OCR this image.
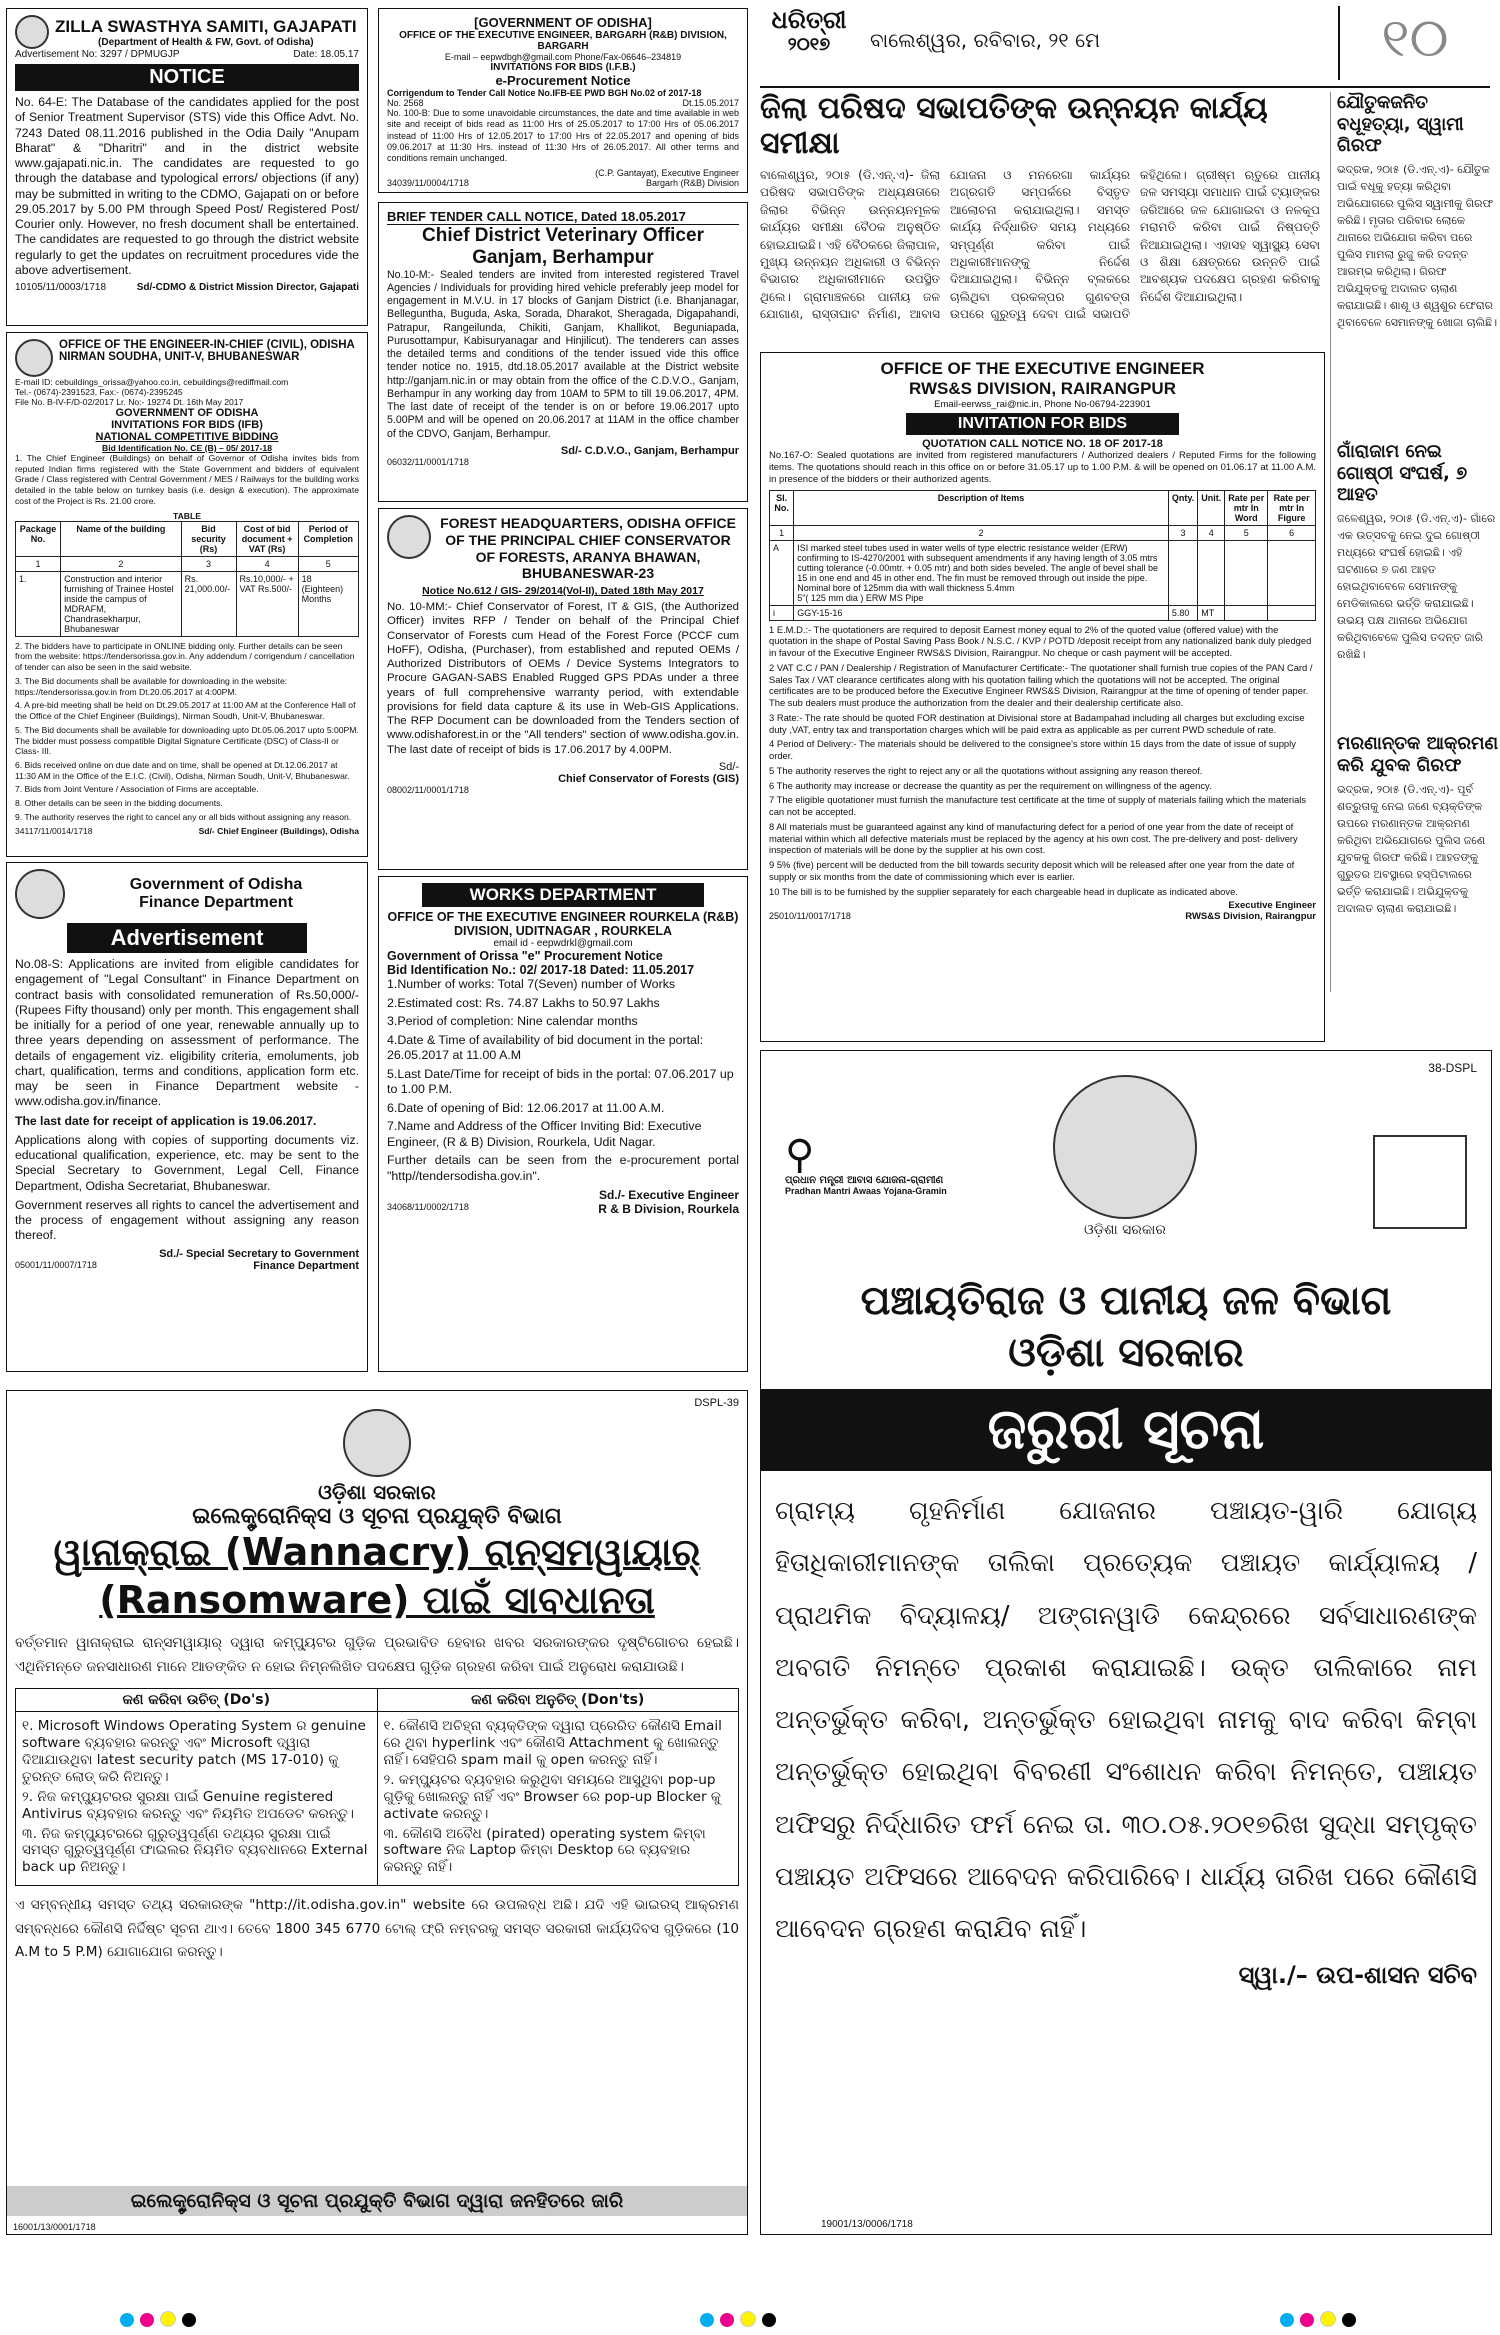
ଧରିତ୍ରୀ
୨୦୧୭	ବାଲେଶ୍ୱର, ରବିବାର, ୨୧ ମେ	୧୦
ZILLA SWASTHYA SAMITI, GAJAPATI
(Department of Health & FW, Govt. of Odisha)
Advertisement No: 3297 / DPMUGJP	Date: 18.05.17
NOTICE

No. 64-E: The Database of the candidates applied for the post of Senior Treatment Supervisor (STS) vide this Office Advt. No. 7243 Dated 08.11.2016 published in the Odia Daily "Anupam Bharat" & "Dharitri" and in the district website www.gajapati.nic.in. The candidates are requested to go through the database and typological errors/ objections (if any) may be submitted in writing to the CDMO, Gajapati on or before 29.05.2017 by 5.00 PM through Speed Post/ Registered Post/ Courier only. However, no fresh document shall be entertained. The candidates are requested to go through the district website regularly to get the updates on recruitment procedures vide the above advertisement.

10105/11/0003/1718	Sd/-CDMO & District Mission Director, Gajapati
[GOVERNMENT OF ODISHA]
OFFICE OF THE EXECUTIVE ENGINEER, BARGARH (R&B) DIVISION, BARGARH
E-mail – eepwdbgh@gmail.com Phone/Fax-06646–234819
INVITATIONS FOR BIDS (I.F.B.)
e-Procurement Notice
Corrigendum to Tender Call Notice No.IFB-EE PWD BGH No.02 of 2017-18
No. 2568	Dt.15.05.2017

No. 100-B: Due to some unavoidable circumstances, the date and time available in web site and receipt of bids read as 11:00 Hrs of 25.05.2017 to 17:00 Hrs of 05.06.2017 instead of 11:00 Hrs of 12.05.2017 to 17:00 Hrs of 22.05.2017 and opening of bids 09.06.2017 at 11:30 Hrs. instead of 11:30 Hrs of 26.05.2017. All other terms and conditions remain unchanged.

(C.P. Gantayat), Executive Engineer
34039/11/0004/1718	Bargarh (R&B) Division
ଜିଲା ପରିଷଦ ସଭାପତିଙ୍କ ଉନ୍ନୟନ କାର୍ଯ୍ୟ ସମୀକ୍ଷା

ବାଲେଶ୍ୱର, ୨୦ା୫ (ଡି.ଏନ୍.ଏ)- ଜିଲା ପରିଷଦ ସଭାପତିଙ୍କ ଅଧ୍ୟକ୍ଷତାରେ ଜିଲାର ବିଭିନ୍ନ ଉନ୍ନୟନମୂଳକ କାର୍ଯ୍ୟର ସମୀକ୍ଷା ବୈଠକ ଅନୁଷ୍ଠିତ ହୋଇଯାଇଛି। ଏହି ବୈଠକରେ ଜିଲାପାଳ, ମୁଖ୍ୟ ଉନ୍ନୟନ ଅଧିକାରୀ ଓ ବିଭିନ୍ନ ବିଭାଗର ଅଧିକାରୀମାନେ ଉପସ୍ଥିତ ଥିଲେ। ଗ୍ରାମାଞ୍ଚଳରେ ପାନୀୟ ଜଳ ଯୋଗାଣ, ରାସ୍ତାଘାଟ ନିର୍ମାଣ, ଆବାସ ଯୋଜନା ଓ ମନରେଗା କାର୍ଯ୍ୟର ଅଗ୍ରଗତି ସମ୍ପର୍କରେ ବିସ୍ତୃତ ଆଲୋଚନା କରାଯାଇଥିଲା। ସମସ୍ତ କାର୍ଯ୍ୟ ନିର୍ଦ୍ଧାରିତ ସମୟ ମଧ୍ୟରେ ସମ୍ପୂର୍ଣ୍ଣ କରିବା ପାଇଁ ଅଧିକାରୀମାନଙ୍କୁ ନିର୍ଦ୍ଦେଶ ଦିଆଯାଇଥିଲା। ବିଭିନ୍ନ ବ୍ଲକରେ ଚାଲିଥିବା ପ୍ରକଳ୍ପର ଗୁଣବତ୍ତା ଉପରେ ଗୁରୁତ୍ୱ ଦେବା ପାଇଁ ସଭାପତି କହିଥିଲେ। ଗ୍ରୀଷ୍ମ ଋତୁରେ ପାନୀୟ ଜଳ ସମସ୍ୟା ସମାଧାନ ପାଇଁ ଟ୍ୟାଙ୍କର ଜରିଆରେ ଜଳ ଯୋଗାଇବା ଓ ନଳକୂପ ମରାମତି କରିବା ପାଇଁ ନିଷ୍ପତ୍ତି ନିଆଯାଇଥିଲା। ଏହାସହ ସ୍ୱାସ୍ଥ୍ୟ ସେବା ଓ ଶିକ୍ଷା କ୍ଷେତ୍ରରେ ଉନ୍ନତି ପାଇଁ ଆବଶ୍ୟକ ପଦକ୍ଷେପ ଗ୍ରହଣ କରିବାକୁ ନିର୍ଦ୍ଦେଶ ଦିଆଯାଇଥିଲା।

ଯୌତୁକଜନିତ ବଧୂହତ୍ୟା, ସ୍ୱାମୀ ଗିରଫ

ଭଦ୍ରକ, ୨୦ା୫ (ଡି.ଏନ୍.ଏ)- ଯୌତୁକ ପାଇଁ ବଧୂକୁ ହତ୍ୟା କରିଥିବା ଅଭିଯୋଗରେ ପୁଲିସ ସ୍ୱାମୀକୁ ଗିରଫ କରିଛି। ମୃତାର ପରିବାର ଲୋକେ ଥାନାରେ ଅଭିଯୋଗ କରିବା ପରେ ପୁଲିସ ମାମଲା ରୁଜୁ କରି ତଦନ୍ତ ଆରମ୍ଭ କରିଥିଲା। ଗିରଫ ଅଭିଯୁକ୍ତକୁ ଅଦାଲତ ଚାଲାଣ କରାଯାଇଛି। ଶାଶୂ ଓ ଶ୍ୱଶୁର ଫେରାର ଥିବାବେଳେ ସେମାନଙ୍କୁ ଖୋଜା ଚାଲିଛି।

ଗାଁରାଜାମ ନେଇ ଗୋଷ୍ଠୀ ସଂଘର୍ଷ, ୭ ଆହତ

ଜଳେଶ୍ୱର, ୨୦ା୫ (ଡି.ଏନ୍.ଏ)- ଗାଁରେ ଏକ ଉତ୍ସବକୁ ନେଇ ଦୁଇ ଗୋଷ୍ଠୀ ମଧ୍ୟରେ ସଂଘର୍ଷ ହୋଇଛି। ଏହି ଘଟଣାରେ ୭ ଜଣ ଆହତ ହୋଇଥିବାବେଳେ ସେମାନଙ୍କୁ ମେଡିକାଲରେ ଭର୍ତ୍ତି କରାଯାଇଛି। ଉଭୟ ପକ୍ଷ ଥାନାରେ ଅଭିଯୋଗ କରିଥିବାବେଳେ ପୁଲିସ ତଦନ୍ତ ଜାରି ରଖିଛି।

ମରଣାନ୍ତକ ଆକ୍ରମଣ କରି ଯୁବକ ଗିରଫ

ଭଦ୍ରକ, ୨୦ା୫ (ଡି.ଏନ୍.ଏ)- ପୂର୍ବ ଶତ୍ରୁତାକୁ ନେଇ ଜଣେ ବ୍ୟକ୍ତିଙ୍କ ଉପରେ ମରଣାନ୍ତକ ଆକ୍ରମଣ କରିଥିବା ଅଭିଯୋଗରେ ପୁଲିସ ଜଣେ ଯୁବକକୁ ଗିରଫ କରିଛି। ଆହତଙ୍କୁ ଗୁରୁତର ଅବସ୍ଥାରେ ହସ୍ପିଟାଲରେ ଭର୍ତ୍ତି କରାଯାଇଛି। ଅଭିଯୁକ୍ତକୁ ଅଦାଲତ ଚାଲାଣ କରାଯାଇଛି।

OFFICE OF THE ENGINEER-IN-CHIEF (CIVIL), ODISHA
NIRMAN SOUDHA, UNIT-V, BHUBANESWAR
E-mail ID: cebuildings_orissa@yahoo.co.in, cebuildings@rediffmail.com
Tel.- (0674)-2391523, Fax:- (0674)-2395245
File No. B-IV-F/D-02/2017 Lr. No:- 19274 Dt. 16th May 2017
GOVERNMENT OF ODISHA
INVITATIONS FOR BIDS (IFB)
NATIONAL COMPETITIVE BIDDING
Bid Identification No. CE (B) – 05/ 2017-18

1. The Chief Engineer (Buildings) on behalf of Governor of Odisha invites bids from reputed Indian firms registered with the State Government and bidders of equivalent Grade / Class registered with Central Government / MES / Railways for the building works detailed in the table below on turnkey basis (i.e. design & execution). The approximate cost of the Project is Rs. 21.00 crore.

TABLE
Package No.	Name of the building	Bid security (Rs)	Cost of bid document + VAT (Rs)	Period of Completion
1	2	3	4	5
1.	Construction and interior furnishing of Trainee Hostel inside the campus of MDRAFM, Chandrasekharpur, Bhubaneswar	Rs. 21,000.00/-	Rs.10,000/- + VAT Rs.500/-	18 (Eighteen) Months
2. The bidders have to participate in ONLINE bidding only. Further details can be seen from the website: https://tendersorissa.gov.in. Any addendum / corrigendum / cancellation of tender can also be seen in the said website.
3. The Bid documents shall be available for downloading in the website: https://tendersorissa.gov.in from Dt.20.05.2017 at 4:00PM.
4. A pre-bid meeting shall be held on Dt.29.05.2017 at 11:00 AM at the Conference Hall of the Office of the Chief Engineer (Buildings), Nirman Soudh, Unit-V, Bhubaneswar.
5. The Bid documents shall be available for downloading upto Dt.05.06.2017 upto 5:00PM. The bidder must possess compatible Digital Signature Certificate (DSC) of Class-II or Class- III.
6. Bids received online on due date and on time, shall be opened at Dt.12.06.2017 at 11:30 AM in the Office of the E.I.C. (Civil), Odisha, Nirman Soudh, Unit-V, Bhubaneswar.
7. Bids from Joint Venture / Association of Firms are acceptable.
8. Other details can be seen in the bidding documents.
9. The authority reserves the right to cancel any or all bids without assigning any reason.
34117/11/0014/1718	Sd/- Chief Engineer (Buildings), Odisha
BRIEF TENDER CALL NOTICE, Dated 18.05.2017
Chief District Veterinary Officer Ganjam, Berhampur

No.10-M:- Sealed tenders are invited from interested registered Travel Agencies / Individuals for providing hired vehicle preferably jeep model for engagement in M.V.U. in 17 blocks of Ganjam District (i.e. Bhanjanagar, Belleguntha, Buguda, Aska, Sorada, Dharakot, Sheragada, Digapahandi, Patrapur, Rangeilunda, Chikiti, Ganjam, Khallikot, Beguniapada, Purusottampur, Kabisuryanagar and Hinjilicut). The tenderers can asses the detailed terms and conditions of the tender issued vide this office tender notice no. 1915, dtd.18.05.2017 available at the District website http://ganjam.nic.in or may obtain from the office of the C.D.V.O., Ganjam, Berhampur in any working day from 10AM to 5PM to till 19.06.2017, 4PM. The last date of receipt of the tender is on or before 19.06.2017 upto 5.00PM and will be opened on 20.06.2017 at 11AM in the office chamber of the CDVO, Ganjam, Berhampur.

Sd/- C.D.V.O., Ganjam, Berhampur
06032/11/0001/1718
FOREST HEADQUARTERS, ODISHA OFFICE OF THE PRINCIPAL CHIEF CONSERVATOR OF FORESTS, ARANYA BHAWAN, BHUBANESWAR-23
Notice No.612 / GIS- 29/2014(Vol-II), Dated 18th May 2017

No. 10-MM:- Chief Conservator of Forest, IT & GIS, (the Authorized Officer) invites RFP / Tender on behalf of the Principal Chief Conservator of Forests cum Head of the Forest Force (PCCF cum HoFF), Odisha, (Purchaser), from established and reputed OEMs / Authorized Distributors of OEMs / Device Systems Integrators to Procure GAGAN-SABS Enabled Rugged GPS PDAs under a three years of full comprehensive warranty period, with extendable provisions for field data capture & its use in Web-GIS Applications. The RFP Document can be downloaded from the Tenders section of www.odishaforest.in or the "All tenders" section of www.odisha.gov.in. The last date of receipt of bids is 17.06.2017 by 4.00PM.

Sd/-
Chief Conservator of Forests (GIS)
08002/11/0001/1718
Government of Odisha
Finance Department
Advertisement

No.08-S: Applications are invited from eligible candidates for engagement of "Legal Consultant" in Finance Department on contract basis with consolidated remuneration of Rs.50,000/- (Rupees Fifty thousand) only per month. This engagement shall be initially for a period of one year, renewable annually up to three years depending on assessment of performance. The details of engagement viz. eligibility criteria, emoluments, job chart, qualification, terms and conditions, application form etc. may be seen in Finance Department website - www.odisha.gov.in/finance.

The last date for receipt of application is 19.06.2017.

Applications along with copies of supporting documents viz. educational qualification, experience, etc. may be sent to the Special Secretary to Government, Legal Cell, Finance Department, Odisha Secretariat, Bhubaneswar.

Government reserves all rights to cancel the advertisement and the process of engagement without assigning any reason thereof.

Sd./- Special Secretary to Government
05001/11/0007/1718	Finance Department
WORKS DEPARTMENT
OFFICE OF THE EXECUTIVE ENGINEER ROURKELA (R&B) DIVISION, UDITNAGAR , ROURKELA
email id - eepwdrkl@gmail.com
Government of Orissa "e" Procurement Notice
Bid Identification No.: 02/ 2017-18 Dated: 11.05.2017
1.Number of works: Total 7(Seven) number of Works
2.Estimated cost: Rs. 74.87 Lakhs to 50.97 Lakhs
3.Period of completion: Nine calendar months
4.Date & Time of availability of bid document in the portal: 26.05.2017 at 11.00 A.M
5.Last Date/Time for receipt of bids in the portal: 07.06.2017 up to 1.00 P.M.
6.Date of opening of Bid: 12.06.2017 at 11.00 A.M.
7.Name and Address of the Officer Inviting Bid: Executive Engineer, (R & B) Division, Rourkela, Udit Nagar.

Further details can be seen from the e-procurement portal "http//tendersodisha.gov.in".

Sd./- Executive Engineer
34068/11/0002/1718	R & B Division, Rourkela
OFFICE OF THE EXECUTIVE ENGINEER
RWS&S DIVISION, RAIRANGPUR
Email-eerwss_rai@nic.in, Phone No-06794-223901
INVITATION FOR BIDS
QUOTATION CALL NOTICE NO. 18 OF 2017-18

No.167-O: Sealed quotations are invited from registered manufacturers / Authorized dealers / Reputed Firms for the following items. The quotations should reach in this office on or before 31.05.17 up to 1.00 P.M. & will be opened on 01.06.17 at 11.00 A.M. in presence of the bidders or their authorized agents.

Sl. No.	Description of Items	Qnty.	Unit.	Rate per mtr In Word	Rate per mtr In Figure
1	2	3	4	5	6
A	ISI marked steel tubes used in water wells of type electric resistance welder (ERW) confirming to IS-4270/2001 with subsequent amendments if any having length of 3.05 mtrs cutting tolerance (-0.00mtr. + 0.05 mtr) and both sides beveled. The angle of bevel shall be 15 in one end and 45 in other end. The fin must be removed through out inside the pipe. Nominal bore of 125mm dia with wall thickness 5.4mm
5"( 125 mm dia ) ERW MS Pipe				

i	GGY-15-16	5.80	MT		
1 E.M.D.:- The quotationers are required to deposit Earnest money equal to 2% of the quoted value (offered value) with the quotation in the shape of Postal Saving Pass Book / N.S.C. / KVP / POTD /deposit receipt from any nationalized bank duly pledged in favour of the Executive Engineer RWS&S Division, Rairangpur. No cheque or cash payment will be accepted.
2 VAT C.C / PAN / Dealership / Registration of Manufacturer Certificate:- The quotationer shall furnish true copies of the PAN Card / Sales Tax / VAT clearance certificates along with his quotation failing which the quotations will not be accepted. The original certificates are to be produced before the Executive Engineer RWS&S Division, Rairangpur at the time of opening of tender paper. The sub dealers must produce the authorization from the dealer and their dealership certificate also.
3 Rate:- The rate should be quoted FOR destination at Divisional store at Badampahad including all charges but excluding excise duty ,VAT, entry tax and transportation charges which will be paid extra as applicable as per current PWD schedule of rate.
4 Period of Delivery:- The materials should be delivered to the consignee's store within 15 days from the date of issue of supply order.
5 The authority reserves the right to reject any or all the quotations without assigning any reason thereof.
6 The authority may increase or decrease the quantity as per the requirement on willingness of the agency.
7 The eligible quotationer must furnish the manufacture test certificate at the time of supply of materials failing which the materials can not be accepted.
8 All materials must be guaranteed against any kind of manufacturing defect for a period of one year from the date of receipt of material within which all defective materials must be replaced by the agency at his own cost. The pre-delivery and post- delivery inspection of materials will be done by the supplier at his own cost.
9 5% (five) percent will be deducted from the bill towards security deposit which will be released after one year from the date of supply or six months from the date of commissioning which ever is earlier.
10 The bill is to be furnished by the supplier separately for each chargeable head in duplicate as indicated above.
Executive Engineer
25010/11/0017/1718	RWS&S Division, Rairangpur
DSPL-39
ଓଡ଼ିଶା ସରକାର
ଇଲେକ୍ଟ୍ରୋନିକ୍ସ ଓ ସୂଚନା ପ୍ରଯୁକ୍ତି ବିଭାଗ
ୱାନାକ୍ରାଇ (Wannacry) ରାନ୍‌ସମୱାୟାର୍
(Ransomware) ପାଇଁ ସାବଧାନତା

ବର୍ତ୍ତମାନ ୱାନାକ୍ରାଇ ରାନ୍‌ସମୱାୟାର୍ ଦ୍ୱାରା କମ୍ପ୍ୟୁଟର ଗୁଡ଼ିକ ପ୍ରଭାବିତ ହେବାର ଖବର ସରକାରଙ୍କର ଦୃଷ୍ଟିଗୋଚର ହେଇଛି। ଏଥିନିମନ୍ତେ ଜନସାଧାରଣ ମାନେ ଆତଙ୍କିତ ନ ହୋଇ ନିମ୍ନଲିଖିତ ପଦକ୍ଷେପ ଗୁଡ଼ିକ ଗ୍ରହଣ କରିବା ପାଇଁ ଅନୁରୋଧ କରାଯାଉଛି।

କଣ କରିବା ଉଚିତ୍ (Do's)
୧. Microsoft Windows Operating System ର genuine software ବ୍ୟବହାର କରନ୍ତୁ ଏବଂ Microsoft ଦ୍ୱାରା ଦିଆଯାଉଥିବା latest security patch (MS 17-010) କୁ ତୁରନ୍ତ ଲୋଡ୍ କରି ନିଅନ୍ତୁ।
୨. ନିଜ କମ୍ପ୍ୟୁଟରର ସୁରକ୍ଷା ପାଇଁ Genuine registered Antivirus ବ୍ୟବହାର କରନ୍ତୁ ଏବଂ ନିୟମିତ ଅପଡେଟ କରନ୍ତୁ।
୩. ନିଜ କମ୍ପ୍ୟୁଟରରେ ଗୁରୁତ୍ୱପୂର୍ଣ୍ଣ ତଥ୍ୟର ସୁରକ୍ଷା ପାଇଁ ସମସ୍ତ ଗୁରୁତ୍ୱପୂର୍ଣ୍ଣ ଫାଇଲର ନିୟମିତ ବ୍ୟବଧାନରେ External back up ନିଅନ୍ତୁ।
କଣ କରିବା ଅନୁଚିତ୍ (Don'ts)
୧. କୌଣସି ଅଚିହ୍ନା ବ୍ୟକ୍ତିଙ୍କ ଦ୍ୱାରା ପ୍ରେରିତ କୌଣସି Email ରେ ଥିବା hyperlink ଏବଂ କୌଣସି Attachment କୁ ଖୋଲନ୍ତୁ ନାହିଁ। ସେହିପରି spam mail କୁ open କରନ୍ତୁ ନାହିଁ।
୨. କମ୍ପ୍ୟୁଟର ବ୍ୟବହାର କରୁଥିବା ସମୟରେ ଆସୁଥିବା pop-up ଗୁଡ଼ିକୁ ଖୋଲନ୍ତୁ ନାହିଁ ଏବଂ Browser ରେ pop-up Blocker କୁ activate କରନ୍ତୁ।
୩. କୌଣସି ଅବୈଧ (pirated) operating system କିମ୍ବା software ନିଜ Laptop କିମ୍ବା Desktop ରେ ବ୍ୟବହାର କରନ୍ତୁ ନାହିଁ।

ଏ ସମ୍ବନ୍ଧୀୟ ସମସ୍ତ ତଥ୍ୟ ସରକାରଙ୍କ "http://it.odisha.gov.in" website ରେ ଉପଲବ୍ଧ ଅଛି। ଯଦି ଏହି ଭାଇରସ୍ ଆକ୍ରମଣ ସମ୍ବନ୍ଧରେ କୌଣସି ନିର୍ଦ୍ଦିଷ୍ଟ ସୂଚନା ଥାଏ। ତେବେ 1800 345 6770 ଟୋଲ୍ ଫ୍ରି ନମ୍ବରକୁ ସମସ୍ତ ସରକାରୀ କାର୍ଯ୍ୟଦିବସ ଗୁଡ଼ିକରେ (10 A.M to 5 P.M) ଯୋଗାଯୋଗ କରନ୍ତୁ।

ଇଲେକ୍ଟ୍ରୋନିକ୍ସ ଓ ସୂଚନା ପ୍ରଯୁକ୍ତି ବିଭାଗ ଦ୍ୱାରା ଜନହିତରେ ଜାରି
16001/13/0001/1718
38-DSPL
⚲
ପ୍ରଧାନ ମନ୍ତ୍ରୀ ଆବାସ ଯୋଜନା-ଗ୍ରାମୀଣ
Pradhan Mantri Awaas Yojana-Gramin
ଓଡ଼ିଶା ସରକାର
ପଞ୍ଚାୟତିରାଜ ଓ ପାନୀୟ ଜଳ ବିଭାଗ
ଓଡ଼ିଶା ସରକାର
ଜରୁରୀ ସୂଚନା

ଗ୍ରାମ୍ୟ ଗୃହନିର୍ମାଣ ଯୋଜନାର ପଞ୍ଚାୟତ-ୱାରି ଯୋଗ୍ୟ ହିତାଧିକାରୀମାନଙ୍କ ତାଲିକା ପ୍ରତ୍ୟେକ ପଞ୍ଚାୟତ କାର୍ଯ୍ୟାଳୟ / ପ୍ରାଥମିକ ବିଦ୍ୟାଳୟ/ ଅଙ୍ଗନୱାଡି କେନ୍ଦ୍ରରେ ସର୍ବସାଧାରଣଙ୍କ ଅବଗତି ନିମନ୍ତେ ପ୍ରକାଶ କରାଯାଇଛି। ଉକ୍ତ ତାଲିକାରେ ନାମ ଅନ୍ତର୍ଭୁକ୍ତ କରିବା, ଅନ୍ତର୍ଭୁକ୍ତ ହୋଇଥିବା ନାମକୁ ବାଦ କରିବା କିମ୍ବା ଅନ୍ତର୍ଭୁକ୍ତ ହୋଇଥିବା ବିବରଣୀ ସଂଶୋଧନ କରିବା ନିମନ୍ତେ, ପଞ୍ଚାୟତ ଅଫିସରୁ ନିର୍ଦ୍ଧାରିତ ଫର୍ମ ନେଇ ତା. ୩୦.୦୫.୨୦୧୭ରିଖ ସୁଦ୍ଧା ସମ୍ପୃକ୍ତ ପଞ୍ଚାୟତ ଅଫିସରେ ଆବେଦନ କରିପାରିବେ। ଧାର୍ଯ୍ୟ ତାରିଖ ପରେ କୌଣସି ଆବେଦନ ଗ୍ରହଣ କରାଯିବ ନାହିଁ।

ସ୍ୱା./– ଉପ-ଶାସନ ସଚିବ
19001/13/0006/1718
